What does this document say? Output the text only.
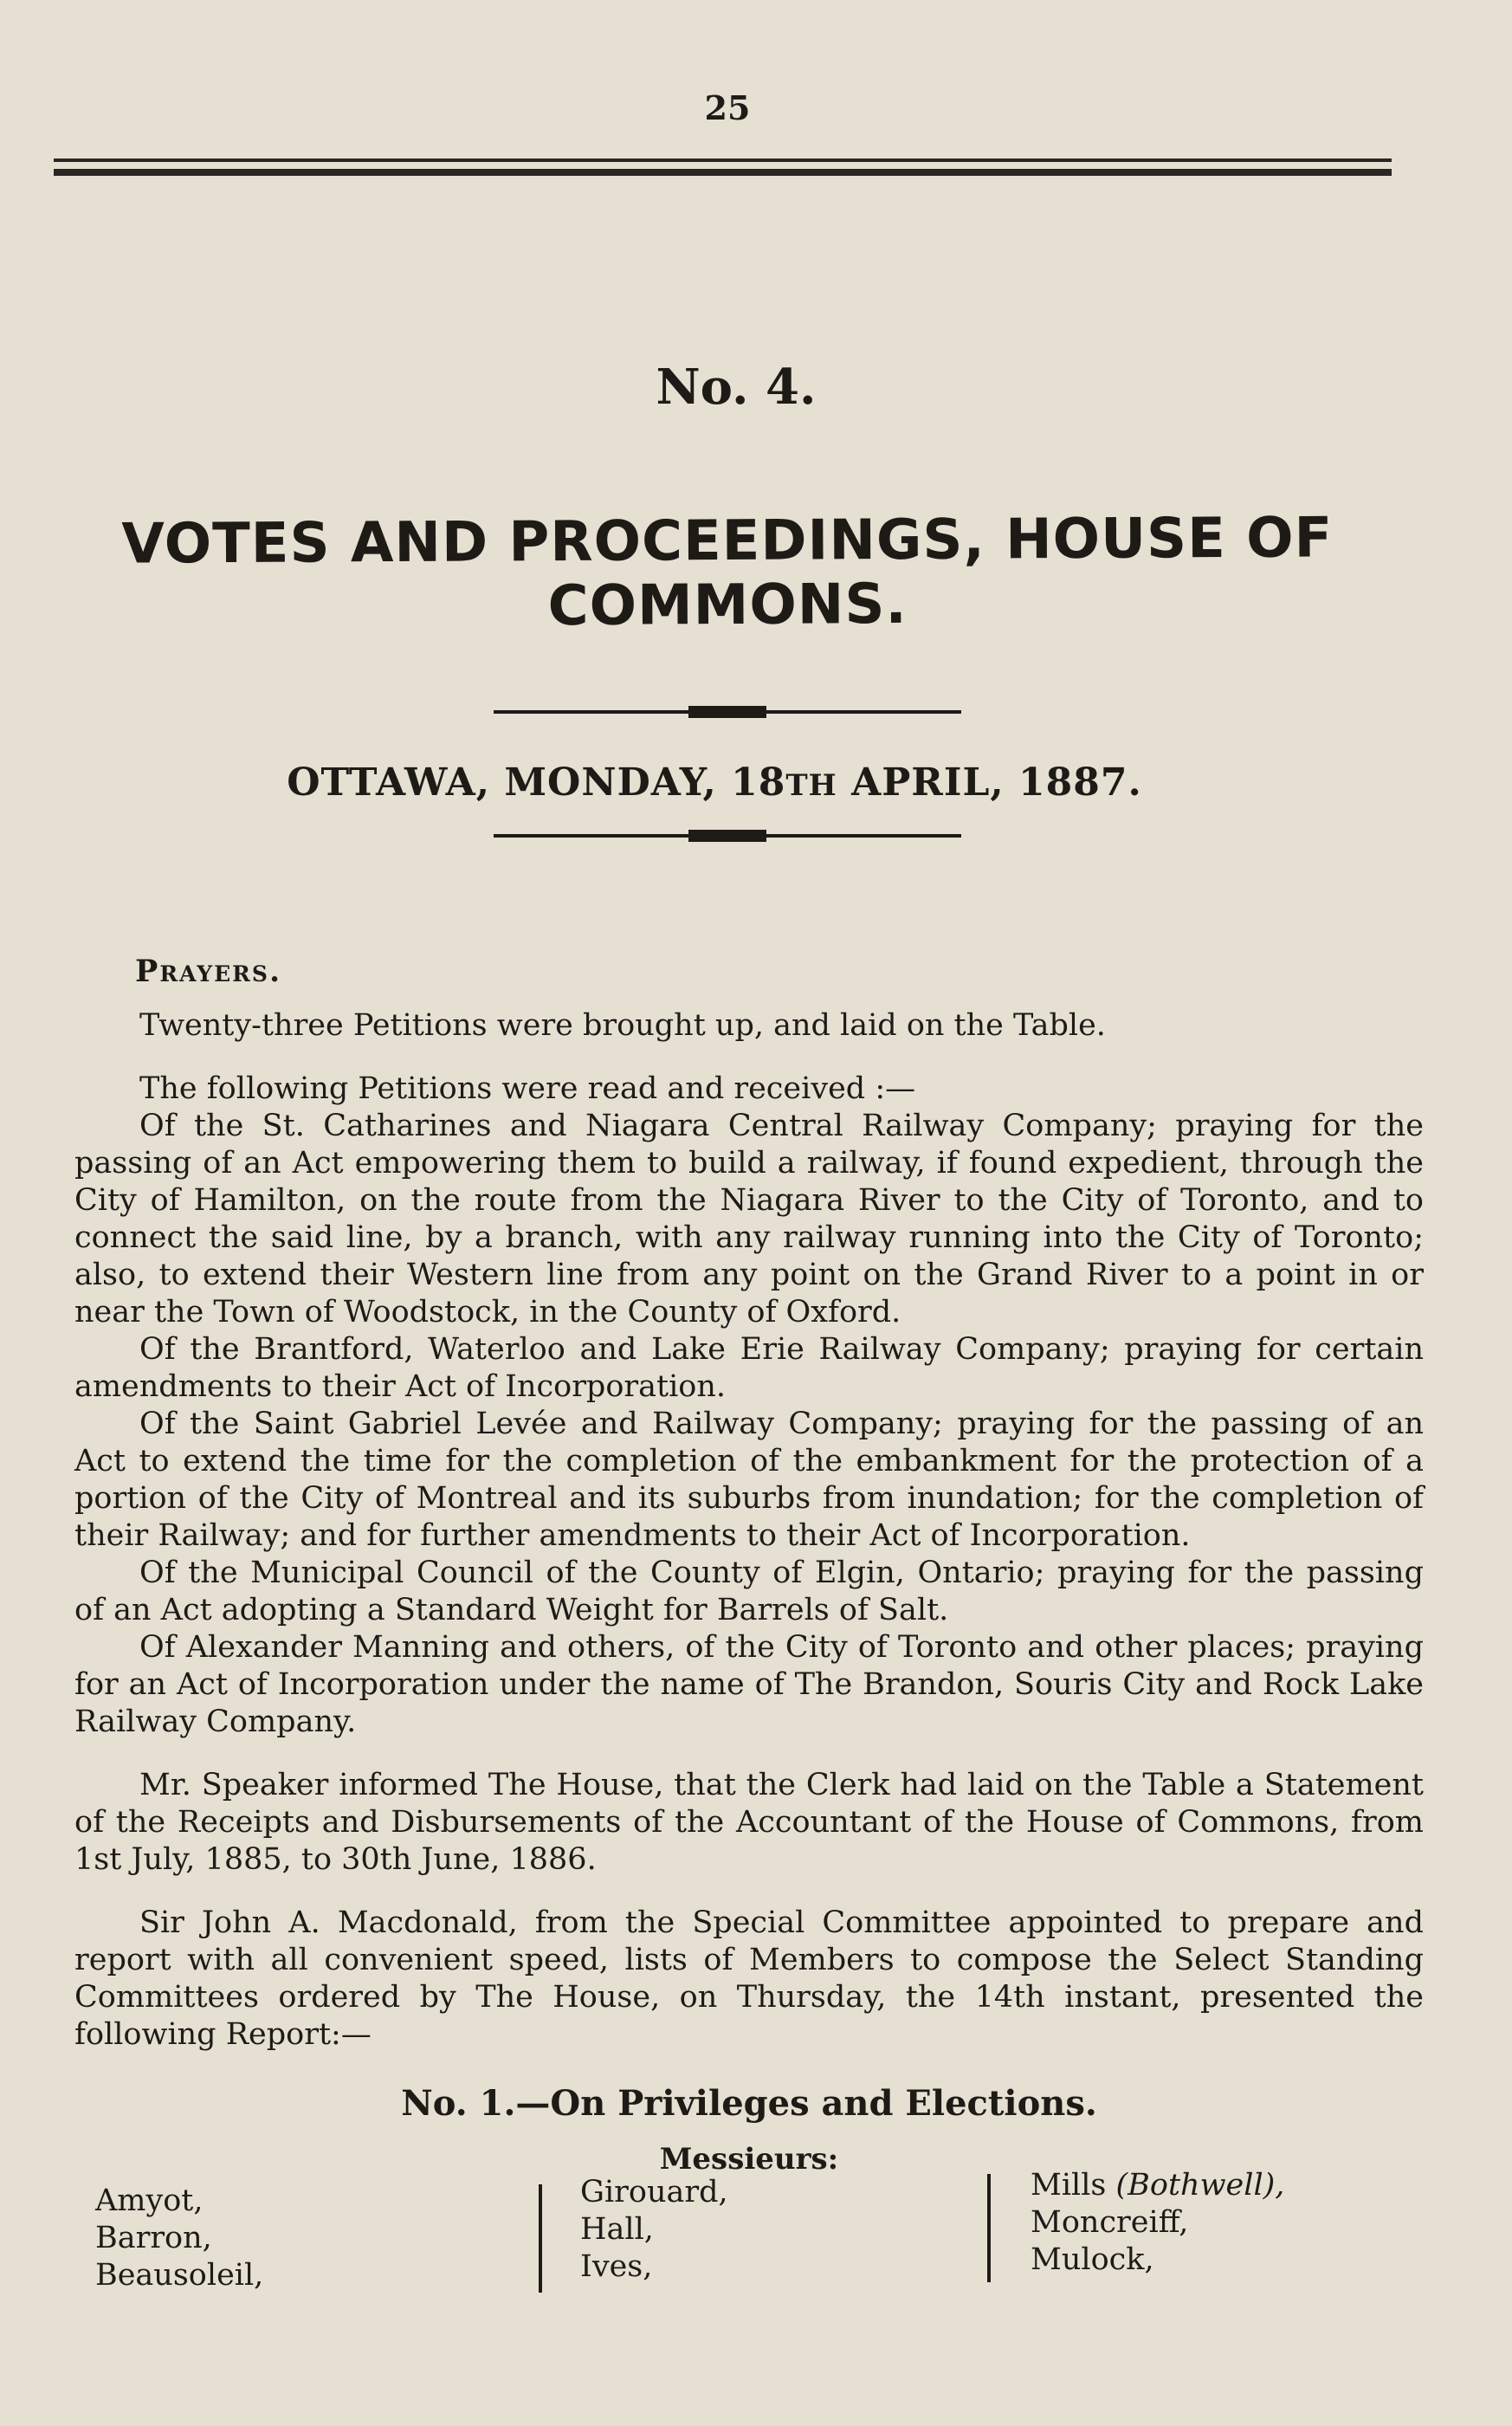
25
No. 4.
VOTES AND PROCEEDINGS, HOUSE OF COMMONS.
OTTAWA, MONDAY, 18TH APRIL, 1887.

Prayers.

Twenty-three Petitions were brought up, and laid on the Table.

The following Petitions were read and received :—

Of the St. Catharines and Niagara Central Railway Company; praying for the passing of an Act empowering them to build a railway, if found expedient, through the City of Hamilton, on the route from the Niagara River to the City of Toronto, and to connect the said line, by a branch, with any railway running into the City of Toronto; also, to extend their Western line from any point on the Grand River to a point in or near the Town of Woodstock, in the County of Oxford.

Of the Brantford, Waterloo and Lake Erie Railway Company; praying for certain amendments to their Act of Incorporation.

Of the Saint Gabriel Levée and Railway Company; praying for the passing of an Act to extend the time for the completion of the embankment for the protection of a portion of the City of Montreal and its suburbs from inundation; for the completion of their Railway; and for further amendments to their Act of Incorporation.

Of the Municipal Council of the County of Elgin, Ontario; praying for the passing of an Act adopting a Standard Weight for Barrels of Salt.

Of Alexander Manning and others, of the City of Toronto and other places; praying for an Act of Incorporation under the name of The Brandon, Souris City and Rock Lake Railway Company.

Mr. Speaker informed The House, that the Clerk had laid on the Table a Statement of the Receipts and Disbursements of the Accountant of the House of Commons, from 1st July, 1885, to 30th June, 1886.

Sir John A. Macdonald, from the Special Committee appointed to prepare and report with all convenient speed, lists of Members to compose the Select Standing Committees ordered by The House, on Thursday, the 14th instant, presented the following Report:—

No. 1.—On Privileges and Elections.
Messieurs:
Amyot,
Barron,
Beausoleil,
Girouard,
Hall,
Ives,
Mills (Bothwell),
Moncreiff,
Mulock,
